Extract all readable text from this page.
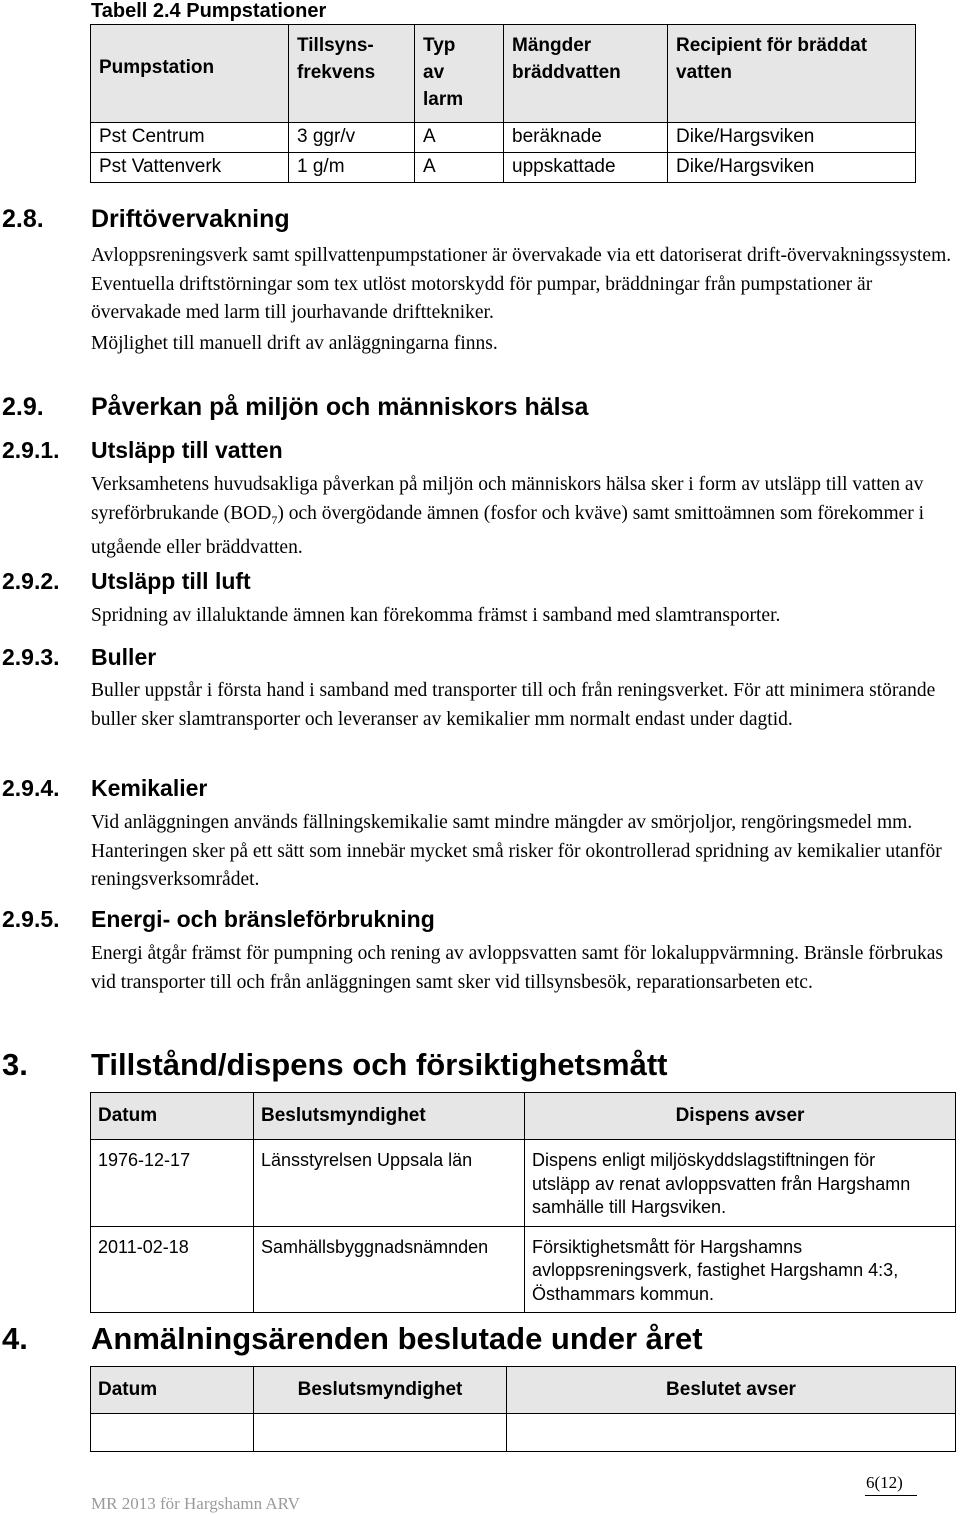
Tabell 2.4 Pumpstationer
Pumpstation	Tillsyns-frekvens	Typ av larm	Mängder bräddvatten	Recipient för bräddat vatten

Pst Centrum	3 ggr/v	A	beräknade	Dike/Hargsviken
Pst Vattenverk	1 g/m	A	uppskattade	Dike/Hargsviken
2.8. Driftövervakning

Avloppsreningsverk samt spillvattenpumpstationer är övervakade via ett datoriserat drift-övervakningssystem. Eventuella driftstörningar som tex utlöst motorskydd för pumpar, bräddningar från pumpstationer är övervakade med larm till jourhavande drifttekniker.

Möjlighet till manuell drift av anläggningarna finns.

2.9. Påverkan på miljön och människors hälsa
2.9.1. Utsläpp till vatten

Verksamhetens huvudsakliga påverkan på miljön och människors hälsa sker i form av utsläpp till vatten av syreförbrukande $(BOD_7)$ och övergödande ämnen (fosfor och kväve) samt smittoämnen som förekommer i utgående eller bräddvatten.

2.9.2. Utsläpp till luft

Spridning av illaluktande ämnen kan förekomma främst i samband med slamtransporter.

2.9.3. Buller

Buller uppstår i första hand i samband med transporter till och från reningsverket. För att minimera störande buller sker slamtransporter och leveranser av kemikalier mm normalt endast under dagtid.

2.9.4. Kemikalier

Vid anläggningen används fällningskemikalie samt mindre mängder av smörjoljor, rengöringsmedel mm. Hanteringen sker på ett sätt som innebär mycket små risker för okontrollerad spridning av kemikalier utanför reningsverksområdet.

2.9.5. Energi- och bränsleförbrukning

Energi åtgår främst för pumpning och rening av avloppsvatten samt för lokaluppvärmning. Bränsle förbrukas vid transporter till och från anläggningen samt sker vid tillsynsbesök, reparationsarbeten etc.

3. Tillstånd/dispens och försiktighetsmått
Datum	Beslutsmyndighet	Dispens avser
1976-12-17	Länsstyrelsen Uppsala län	Dispens enligt miljöskyddslagstiftningen för utsläpp av renat avloppsvatten från Hargshamn samhälle till Hargsviken.

2011-02-18	Samhällsbyggnadsnämnden	Försiktighetsmått för Hargshamns avloppsreningsverk, fastighet Hargshamn 4:3, Östhammars kommun.
4. Anmälningsärenden beslutade under året
Datum	Beslutsmyndighet	Beslutet avser

6(12)
MR 2013 för Hargshamn ARV
